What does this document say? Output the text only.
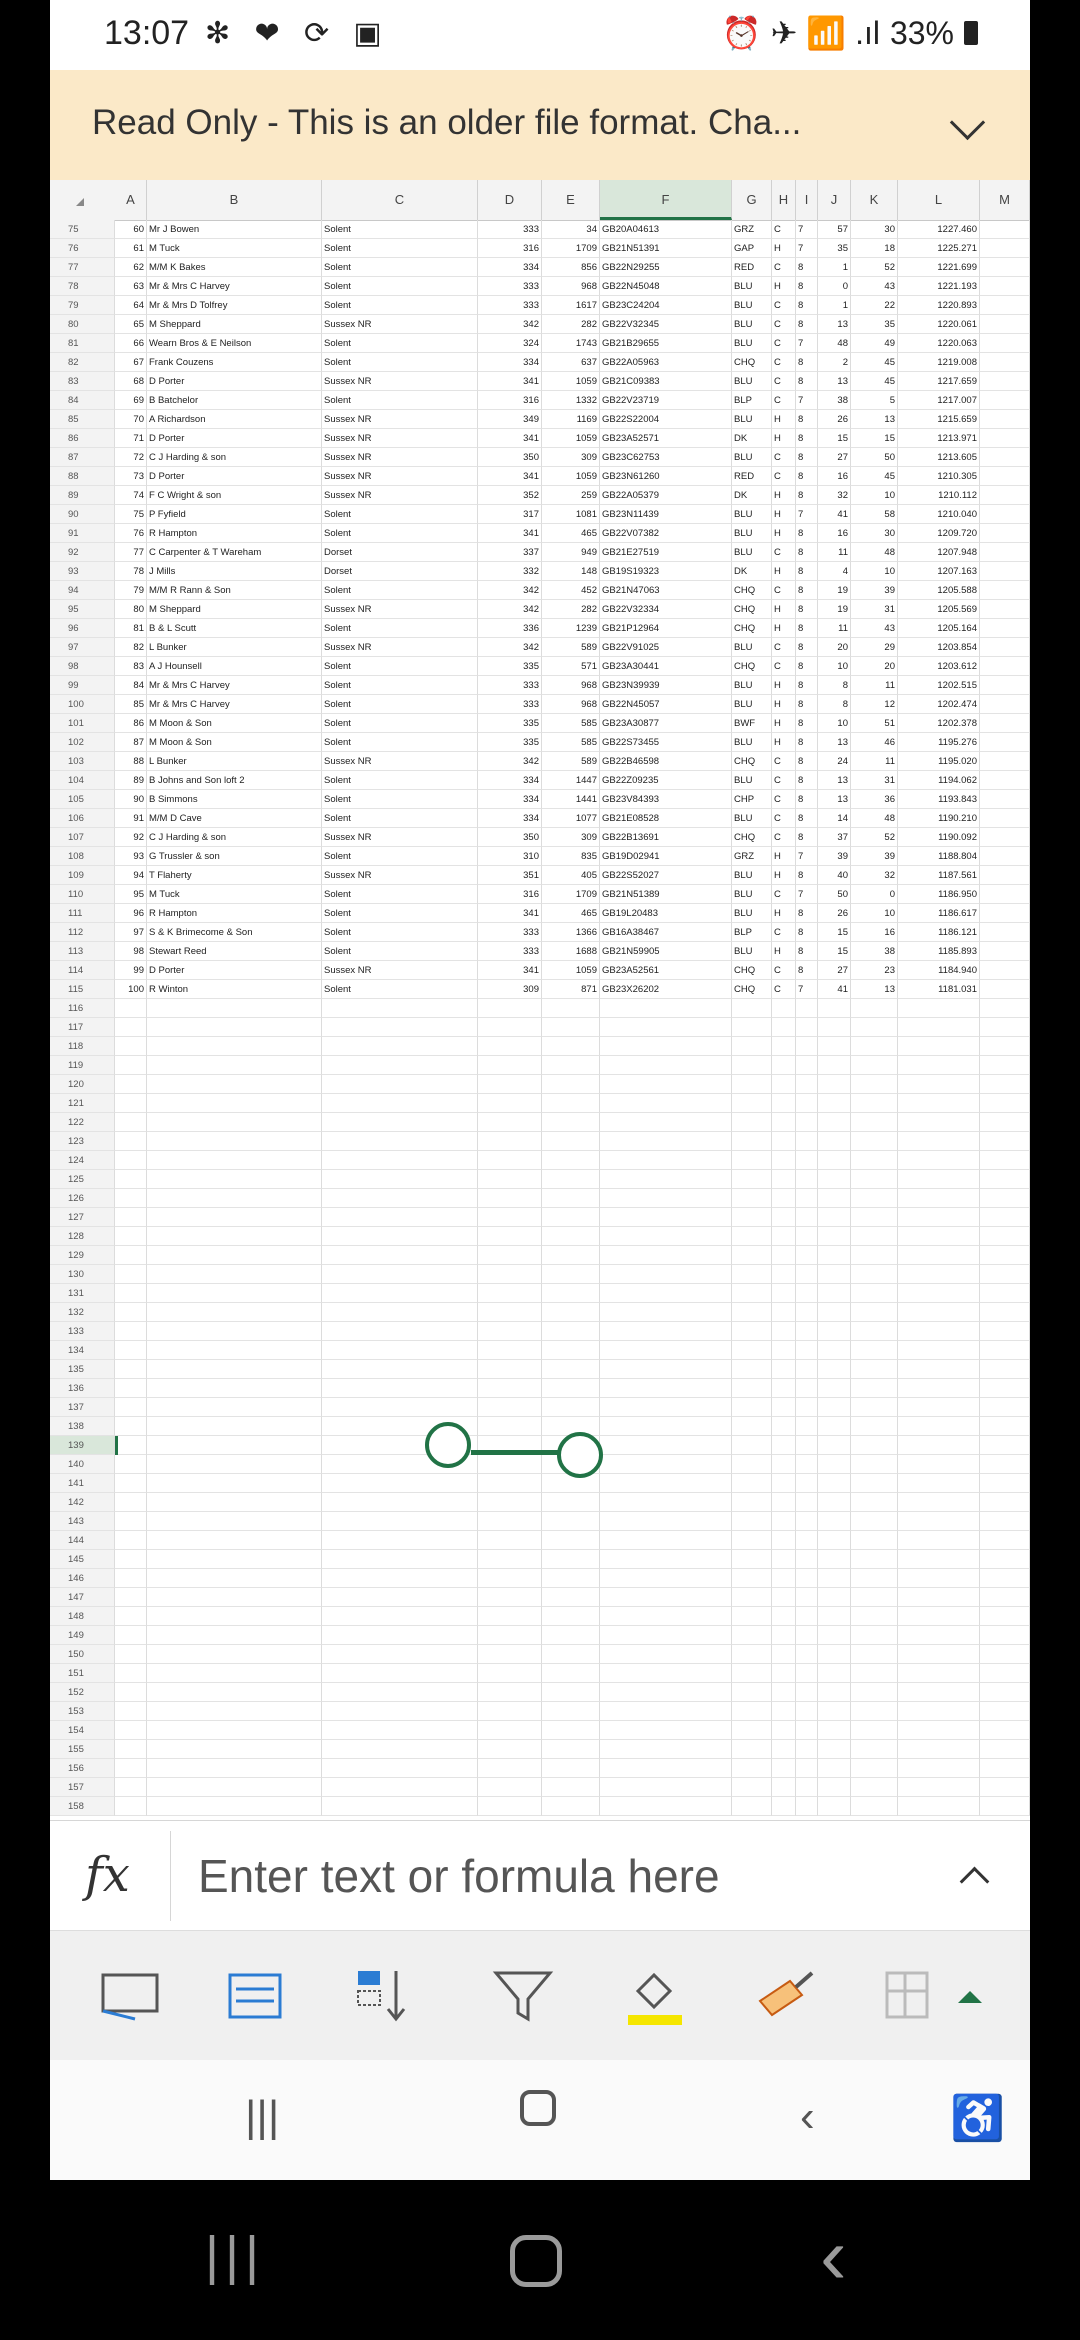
13:07 ✻ ❤ ⟳ ▣	⏰ ✈ 📶 .ıl 33%
Read Only - This is an older file format. Cha...
A	B	C	D	E	F	G	H	I	J	K	L	M
75	60 Mr J Bowen	Solent	333	34 GB20A04613	GRZ	C	7	57	30	1227.460
76	61 M Tuck	Solent	316	1709 GB21N51391	GAP	H	7	35	18	1225.271
77	62 M/M K Bakes	Solent	334	856 GB22N29255	RED	C	8	1	52	1221.699
78	63 Mr & Mrs C Harvey	Solent	333	968 GB22N45048	BLU	H	8	0	43	1221.193
79	64 Mr & Mrs D Tolfrey	Solent	333	1617 GB23C24204	BLU	C	8	1	22	1220.893
80	65 M Sheppard	Sussex NR	342	282 GB22V32345	BLU	C	8	13	35	1220.061
81	66 Wearn Bros & E Neilson	Solent	324	1743 GB21B29655	BLU	C	7	48	49	1220.063
82	67 Frank Couzens	Solent	334	637 GB22A05963	CHQ	C	8	2	45	1219.008
83	68 D Porter	Sussex NR	341	1059 GB21C09383	BLU	C	8	13	45	1217.659
84	69 B Batchelor	Solent	316	1332 GB22V23719	BLP	C	7	38	5	1217.007
85	70 A Richardson	Sussex NR	349	1169 GB22S22004	BLU	H	8	26	13	1215.659
86	71 D Porter	Sussex NR	341	1059 GB23A52571	DK	H	8	15	15	1213.971
87	72 C J Harding & son	Sussex NR	350	309 GB23C62753	BLU	C	8	27	50	1213.605
88	73 D Porter	Sussex NR	341	1059 GB23N61260	RED	C	8	16	45	1210.305
89	74 F C Wright & son	Sussex NR	352	259 GB22A05379	DK	H	8	32	10	1210.112
90	75 P Fyfield	Solent	317	1081 GB23N11439	BLU	H	7	41	58	1210.040
91	76 R Hampton	Solent	341	465 GB22V07382	BLU	H	8	16	30	1209.720
92	77 C Carpenter & T Wareham	Dorset	337	949 GB21E27519	BLU	C	8	11	48	1207.948
93	78 J Mills	Dorset	332	148 GB19S19323	DK	H	8	4	10	1207.163
94	79 M/M R Rann & Son	Solent	342	452 GB21N47063	CHQ	C	8	19	39	1205.588
95	80 M Sheppard	Sussex NR	342	282 GB22V32334	CHQ	H	8	19	31	1205.569
96	81 B & L Scutt	Solent	336	1239 GB21P12964	CHQ	H	8	11	43	1205.164
97	82 L Bunker	Sussex NR	342	589 GB22V91025	BLU	C	8	20	29	1203.854
98	83 A J Hounsell	Solent	335	571 GB23A30441	CHQ	C	8	10	20	1203.612
99	84 Mr & Mrs C Harvey	Solent	333	968 GB23N39939	BLU	H	8	8	11	1202.515
100	85 Mr & Mrs C Harvey	Solent	333	968 GB22N45057	BLU	H	8	8	12	1202.474
101	86 M Moon & Son	Solent	335	585 GB23A30877	BWF	H	8	10	51	1202.378
102	87 M Moon & Son	Solent	335	585 GB22S73455	BLU	H	8	13	46	1195.276
103	88 L Bunker	Sussex NR	342	589 GB22B46598	CHQ	C	8	24	11	1195.020
104	89 B Johns and Son loft 2	Solent	334	1447 GB22Z09235	BLU	C	8	13	31	1194.062
105	90 B Simmons	Solent	334	1441 GB23V84393	CHP	C	8	13	36	1193.843
106	91 M/M D Cave	Solent	334	1077 GB21E08528	BLU	C	8	14	48	1190.210
107	92 C J Harding & son	Sussex NR	350	309 GB22B13691	CHQ	C	8	37	52	1190.092
108	93 G Trussler & son	Solent	310	835 GB19D02941	GRZ	H	7	39	39	1188.804
109	94 T Flaherty	Sussex NR	351	405 GB22S52027	BLU	H	8	40	32	1187.561
110	95 M Tuck	Solent	316	1709 GB21N51389	BLU	C	7	50	0	1186.950
111	96 R Hampton	Solent	341	465 GB19L20483	BLU	H	8	26	10	1186.617
112	97 S & K Brimecome & Son	Solent	333	1366 GB16A38467	BLP	C	8	15	16	1186.121
113	98 Stewart Reed	Solent	333	1688 GB21N59905	BLU	H	8	15	38	1185.893
114	99 D Porter	Sussex NR	341	1059 GB23A52561	CHQ	C	8	27	23	1184.940
115	100 R Winton	Solent	309	871 GB23X26202	CHQ	C	7	41	13	1181.031
116
117
118
119
120
121
122
123
124
125
126
127
128
129
130
131
132
133
134
135
136
137
138
139
140
141
142
143
144
145
146
147
148
149
150
151
152
153
154
155
156
157
158
fx Enter text or formula here
|||	‹	♿
|||	‹
